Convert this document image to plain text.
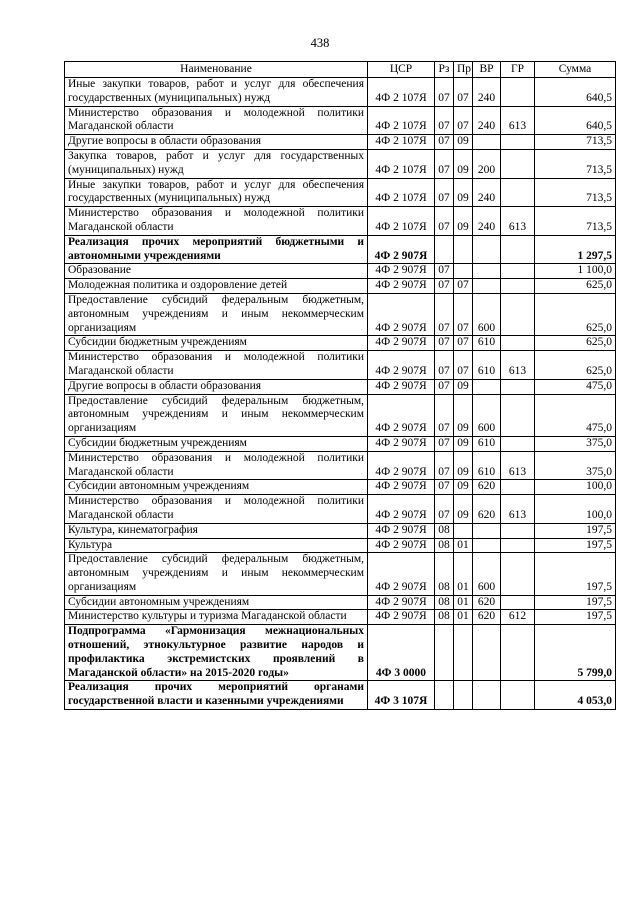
438
Наименование	ЦСР	Рз	Пр	ВР	ГР	Сумма
Иные закупки товаров, работ и услуг для обеспечения государственных (муниципальных) нужд	4Ф 2 107Я	07	07	240		640,5
Министерство образования и молодежной политики Магаданской области	4Ф 2 107Я	07	07	240	613	640,5
Другие вопросы в области образования	4Ф 2 107Я	07	09			713,5
Закупка товаров, работ и услуг для государственных (муниципальных) нужд	4Ф 2 107Я	07	09	200		713,5
Иные закупки товаров, работ и услуг для обеспечения государственных (муниципальных) нужд	4Ф 2 107Я	07	09	240		713,5
Министерство образования и молодежной политики Магаданской области	4Ф 2 107Я	07	09	240	613	713,5
Реализация прочих мероприятий бюджетными и автономными учреждениями	4Ф 2 907Я					1 297,5
Образование	4Ф 2 907Я	07				1 100,0
Молодежная политика и оздоровление детей	4Ф 2 907Я	07	07			625,0
Предоставление субсидий федеральным бюджетным, автономным учреждениям и иным некоммерческим организациям	4Ф 2 907Я	07	07	600		625,0
Субсидии бюджетным учреждениям	4Ф 2 907Я	07	07	610		625,0
Министерство образования и молодежной политики Магаданской области	4Ф 2 907Я	07	07	610	613	625,0
Другие вопросы в области образования	4Ф 2 907Я	07	09			475,0
Предоставление субсидий федеральным бюджетным, автономным учреждениям и иным некоммерческим организациям	4Ф 2 907Я	07	09	600		475,0
Субсидии бюджетным учреждениям	4Ф 2 907Я	07	09	610		375,0
Министерство образования и молодежной политики Магаданской области	4Ф 2 907Я	07	09	610	613	375,0
Субсидии автономным учреждениям	4Ф 2 907Я	07	09	620		100,0
Министерство образования и молодежной политики Магаданской области	4Ф 2 907Я	07	09	620	613	100,0
Культура, кинематография	4Ф 2 907Я	08				197,5
Культура	4Ф 2 907Я	08	01			197,5
Предоставление субсидий федеральным бюджетным, автономным учреждениям и иным некоммерческим организациям	4Ф 2 907Я	08	01	600		197,5
Субсидии автономным учреждениям	4Ф 2 907Я	08	01	620		197,5
Министерство культуры и туризма Магаданской области	4Ф 2 907Я	08	01	620	612	197,5
Подпрограмма «Гармонизация межнациональных отношений, этнокультурное развитие народов и профилактика экстремистских проявлений в Магаданской области» на 2015-2020 годы»	4Ф 3 0000					5 799,0
Реализация прочих мероприятий органами государственной власти и казенными учреждениями	4Ф 3 107Я					4 053,0
